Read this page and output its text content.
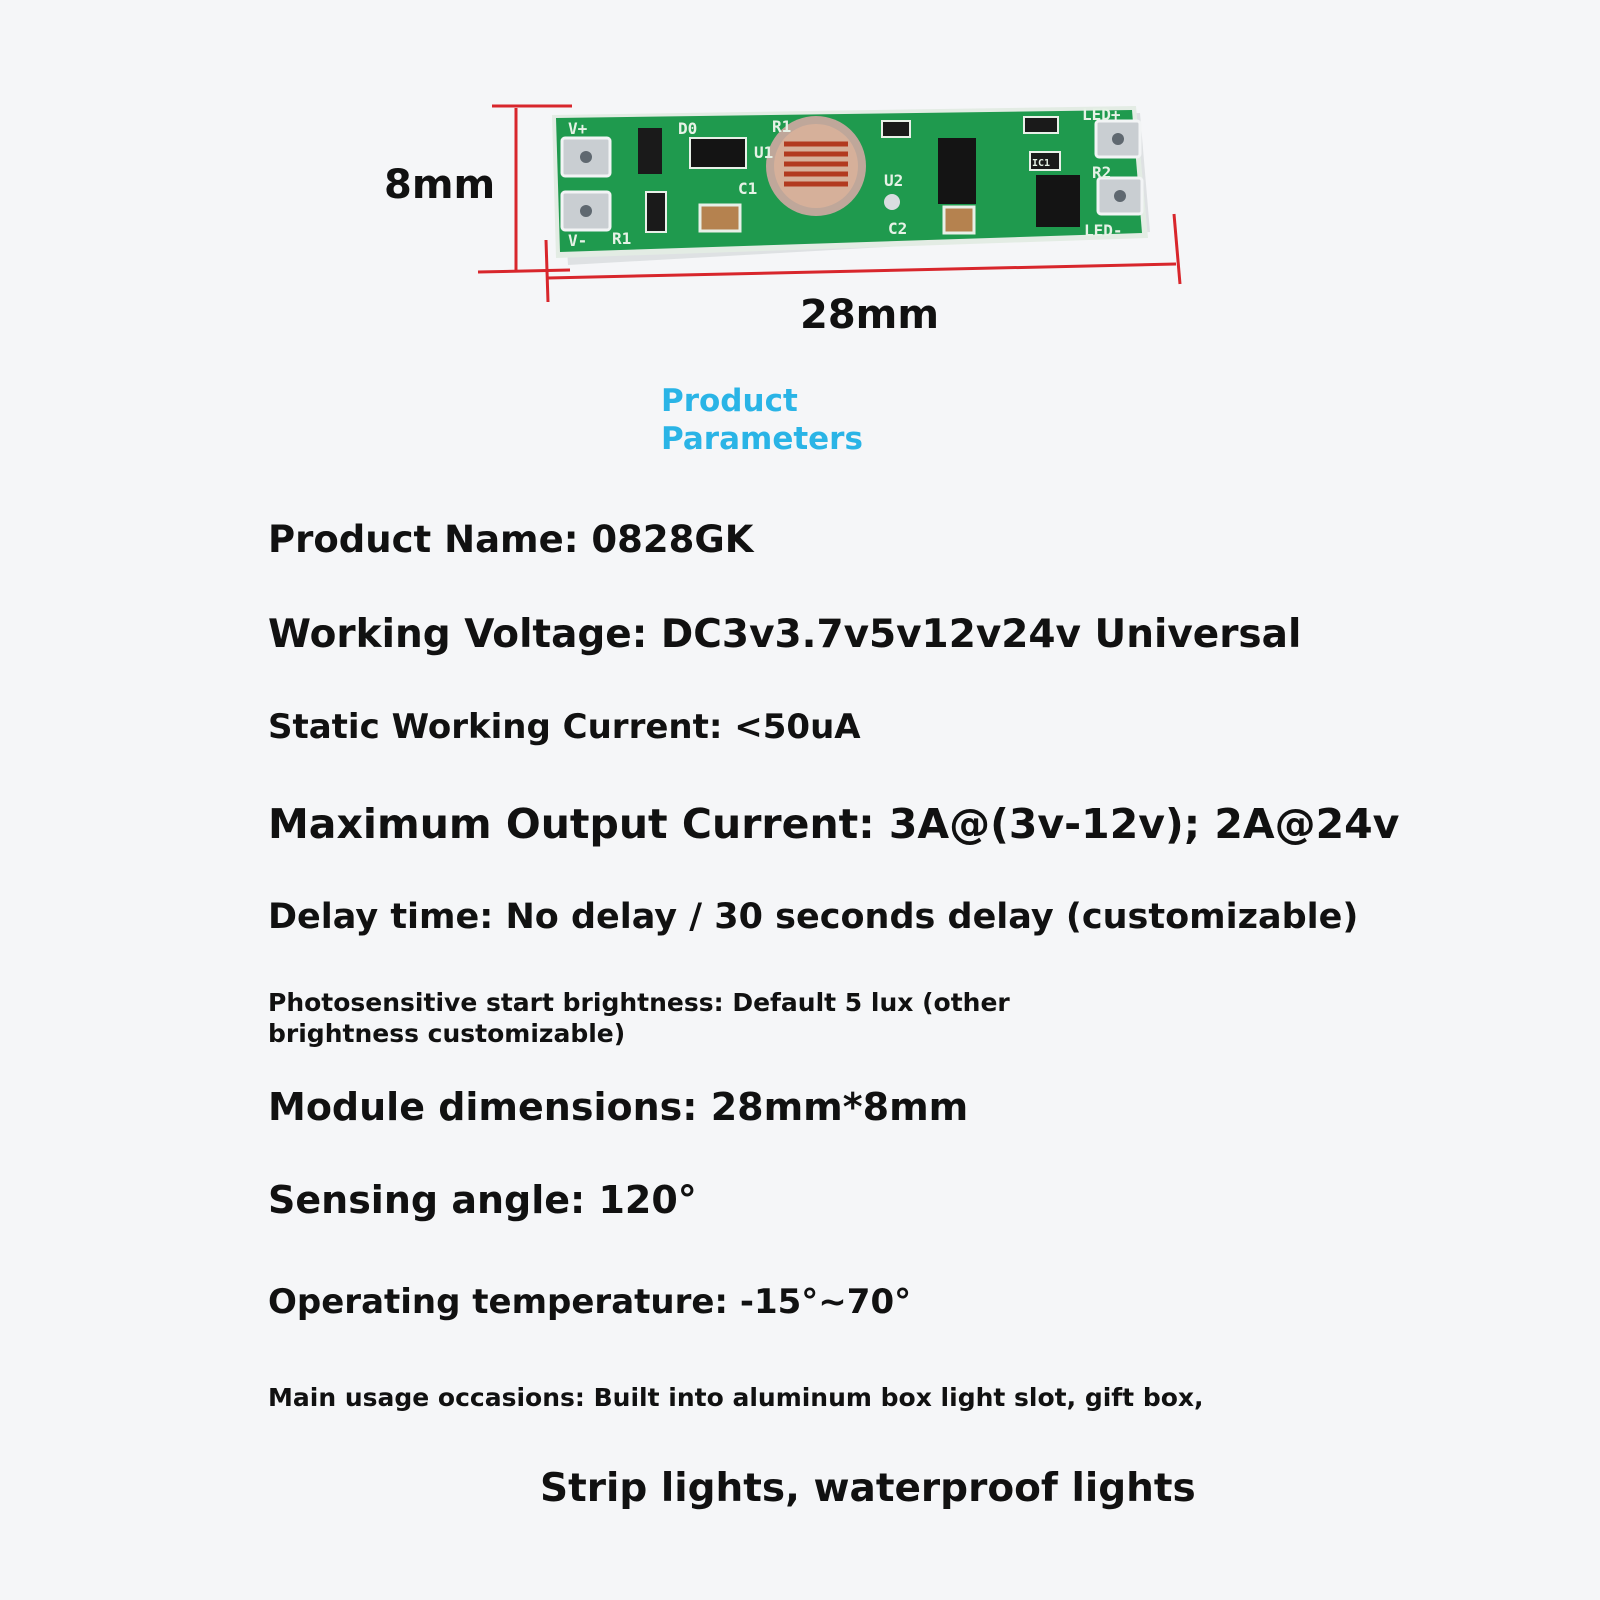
V+
V-
D0
R1
R1
C1
U1
U2
C2
LED+
LED-
R2
IC1
8mm
28mm
Product Parameters
Product Name: 0828GK
Working Voltage: DC3v3.7v5v12v24v Universal
Static Working Current: <50uA
Maximum Output Current: 3A@(3v-12v); 2A@24v
Delay time: No delay / 30 seconds delay (customizable)
Photosensitive start brightness: Default 5 lux (other brightness customizable)
Module dimensions: 28mm*8mm
Sensing angle: 120°
Operating temperature: -15°~70°
Main usage occasions: Built into aluminum box light slot, gift box,
Strip lights, waterproof lights
